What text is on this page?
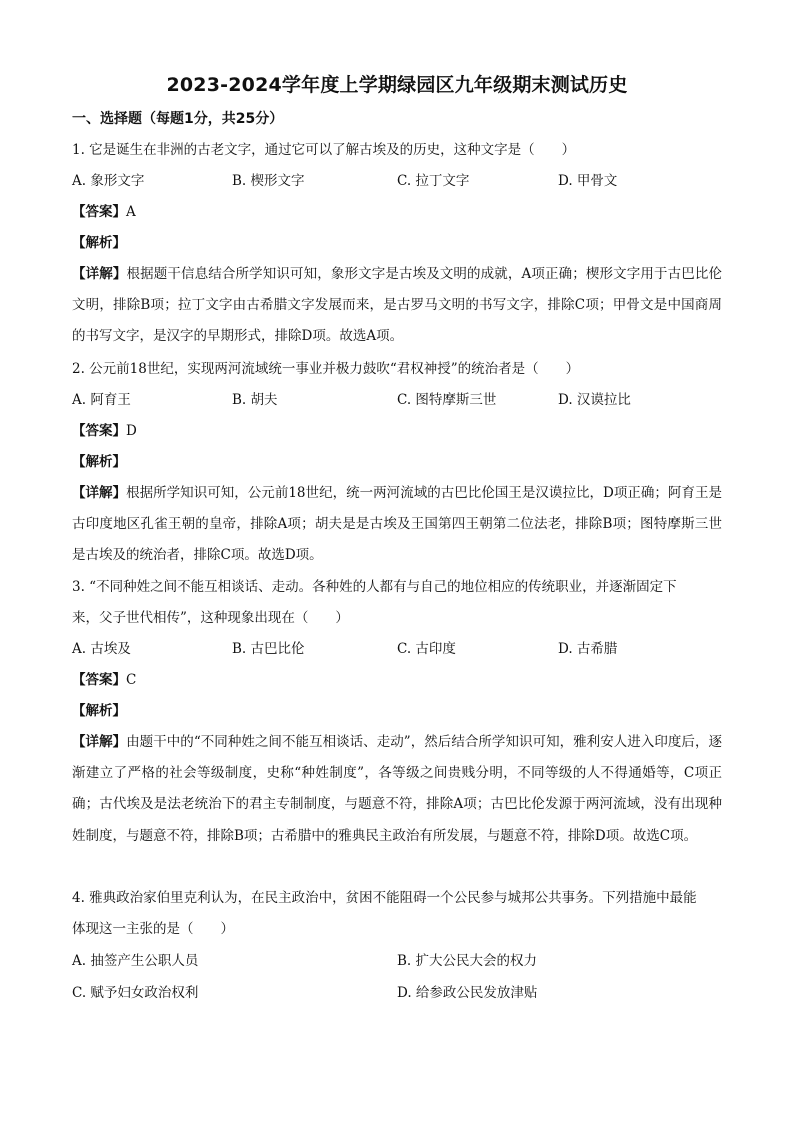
2023-2024学年度上学期绿园区九年级期末测试历史
一、选择题（每题1分，共25分）
1. 它是诞生在非洲的古老文字，通过它可以了解古埃及的历史，这种文字是（　　）
A. 象形文字	B. 楔形文字	C. 拉丁文字	D. 甲骨文
【答案】A
【解析】
【详解】根据题干信息结合所学知识可知，象形文字是古埃及文明的成就，A项正确；楔形文字用于古巴比伦文明，排除B项；拉丁文字由古希腊文字发展而来，是古罗马文明的书写文字，排除C项；甲骨文是中国商周的书写文字，是汉字的早期形式，排除D项。故选A项。
2. 公元前18世纪，实现两河流域统一事业并极力鼓吹“君权神授”的统治者是（　　）
A. 阿育王	B. 胡夫	C. 图特摩斯三世	D. 汉谟拉比
【答案】D
【解析】
【详解】根据所学知识可知，公元前18世纪，统一两河流域的古巴比伦国王是汉谟拉比，D项正确；阿育王是古印度地区孔雀王朝的皇帝，排除A项；胡夫是是古埃及王国第四王朝第二位法老，排除B项；图特摩斯三世是古埃及的统治者，排除C项。故选D项。
3. “不同种姓之间不能互相谈话、走动。各种姓的人都有与自己的地位相应的传统职业，并逐渐固定下
来，父子世代相传”，这种现象出现在（　　）
A. 古埃及	B. 古巴比伦	C. 古印度	D. 古希腊
【答案】C
【解析】
【详解】由题干中的“不同种姓之间不能互相谈话、走动”，然后结合所学知识可知，雅利安人进入印度后，逐渐建立了严格的社会等级制度，史称“种姓制度”，各等级之间贵贱分明，不同等级的人不得通婚等，C项正确；古代埃及是法老统治下的君主专制制度，与题意不符，排除A项；古巴比伦发源于两河流域，没有出现种姓制度，与题意不符，排除B项；古希腊中的雅典民主政治有所发展，与题意不符，排除D项。故选C项。
4. 雅典政治家伯里克利认为，在民主政治中，贫困不能阻碍一个公民参与城邦公共事务。下列措施中最能
体现这一主张的是（　　）
A. 抽签产生公职人员	B. 扩大公民大会的权力
C. 赋予妇女政治权利	D. 给参政公民发放津贴
